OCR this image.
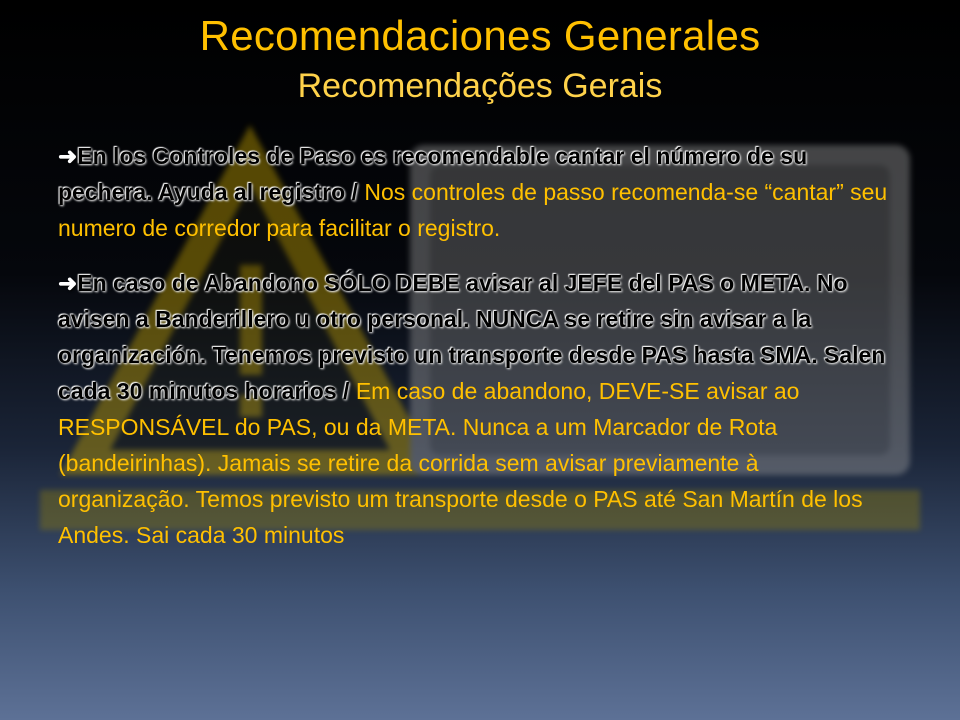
Recomendaciones Generales
Recomendações Gerais

➜En los Controles de Paso es recomendable cantar el número de su pechera. Ayuda al registro / Nos controles de passo recomenda-se “cantar” seu numero de corredor para facilitar o registro.

➜En caso de Abandono SÓLO DEBE avisar al JEFE del PAS o META. No avisen a Banderillero u otro personal. NUNCA se retire sin avisar a la organización. Tenemos previsto un transporte desde PAS hasta SMA. Salen cada 30 minutos horarios / Em caso de abandono, DEVE-SE avisar ao RESPONSÁVEL do PAS, ou da META. Nunca a um Marcador de Rota (bandeirinhas). Jamais se retire da corrida sem avisar previamente à organização. Temos previsto um transporte desde o PAS até San Martín de los Andes. Sai cada 30 minutos
